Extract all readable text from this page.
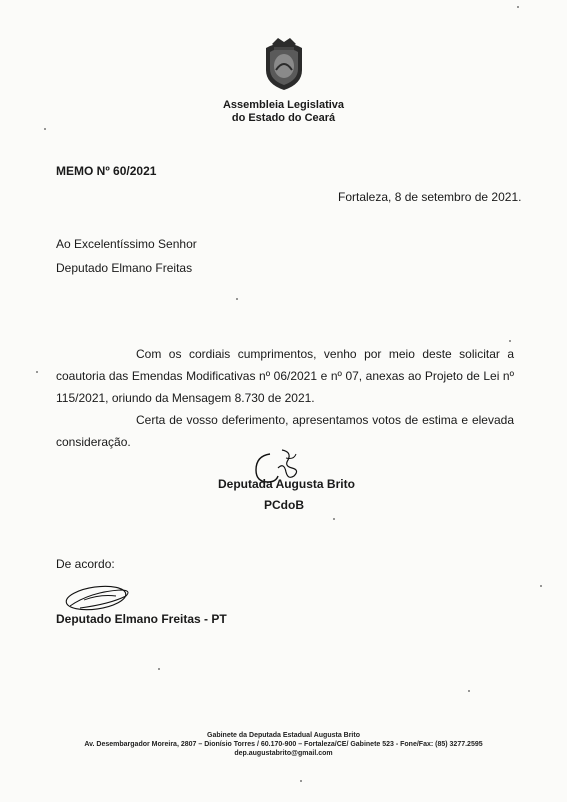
Assembleia Legislativa
do Estado do Ceará
MEMO Nº 60/2021
Fortaleza, 8 de setembro de 2021.
Ao Excelentíssimo Senhor
Deputado Elmano Freitas
Com os cordiais cumprimentos, venho por meio deste solicitar a coautoria das Emendas Modificativas nº 06/2021 e nº 07, anexas ao Projeto de Lei nº 115/2021, oriundo da Mensagem 8.730 de 2021.
Certa de vosso deferimento, apresentamos votos de estima e elevada consideração.
Deputada Augusta Brito
PCdoB
De acordo:
Deputado Elmano Freitas - PT
Gabinete da Deputada Estadual Augusta Brito
Av. Desembargador Moreira, 2807 – Dionísio Torres / 60.170-900 – Fortaleza/CE/ Gabinete 523 - Fone/Fax: (85) 3277.2595
dep.augustabrito@gmail.com
